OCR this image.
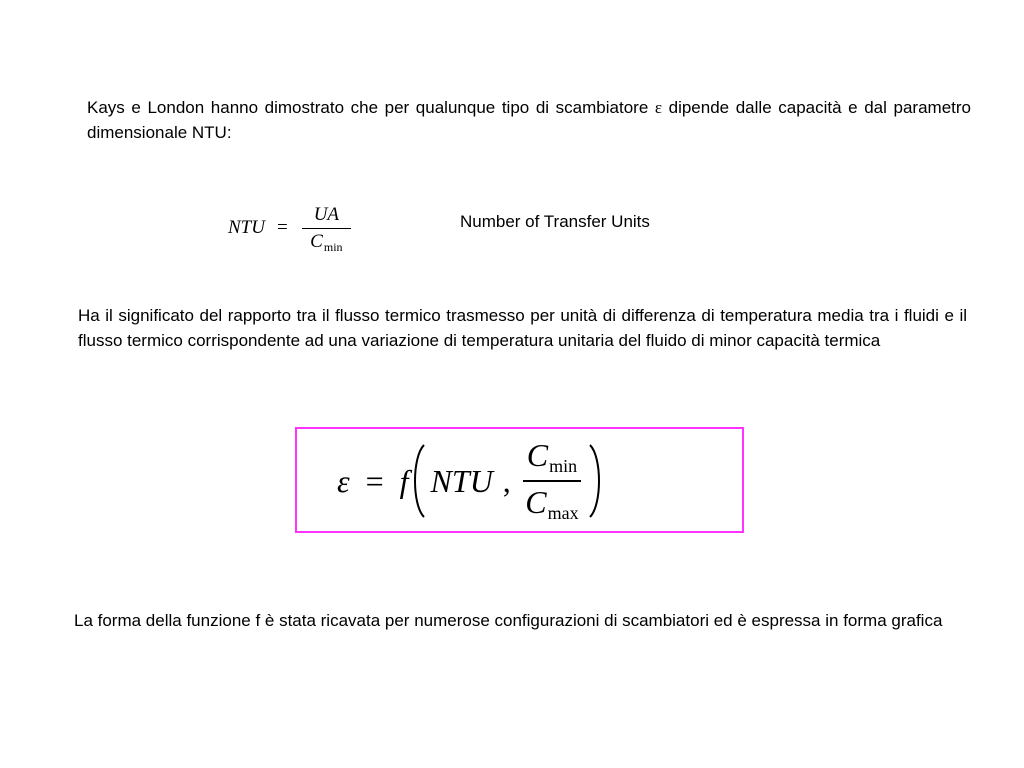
Kays e London hanno dimostrato che per qualunque tipo di scambiatore ε dipende dalle capacità e dal parametro dimensionale NTU:

NTU = $\frac{UA}{C_{min}}$	Number of Transfer Units

Ha il significato del rapporto tra il flusso termico trasmesso per unità di differenza di temperatura media tra i fluidi e il flusso termico corrispondente ad una variazione di temperatura unitaria del fluido di minor capacità termica

ε = f NTU , $\frac{Cmin}{Cmax}$

La forma della funzione f è stata ricavata per numerose configurazioni di scambiatori ed è espressa in forma grafica
